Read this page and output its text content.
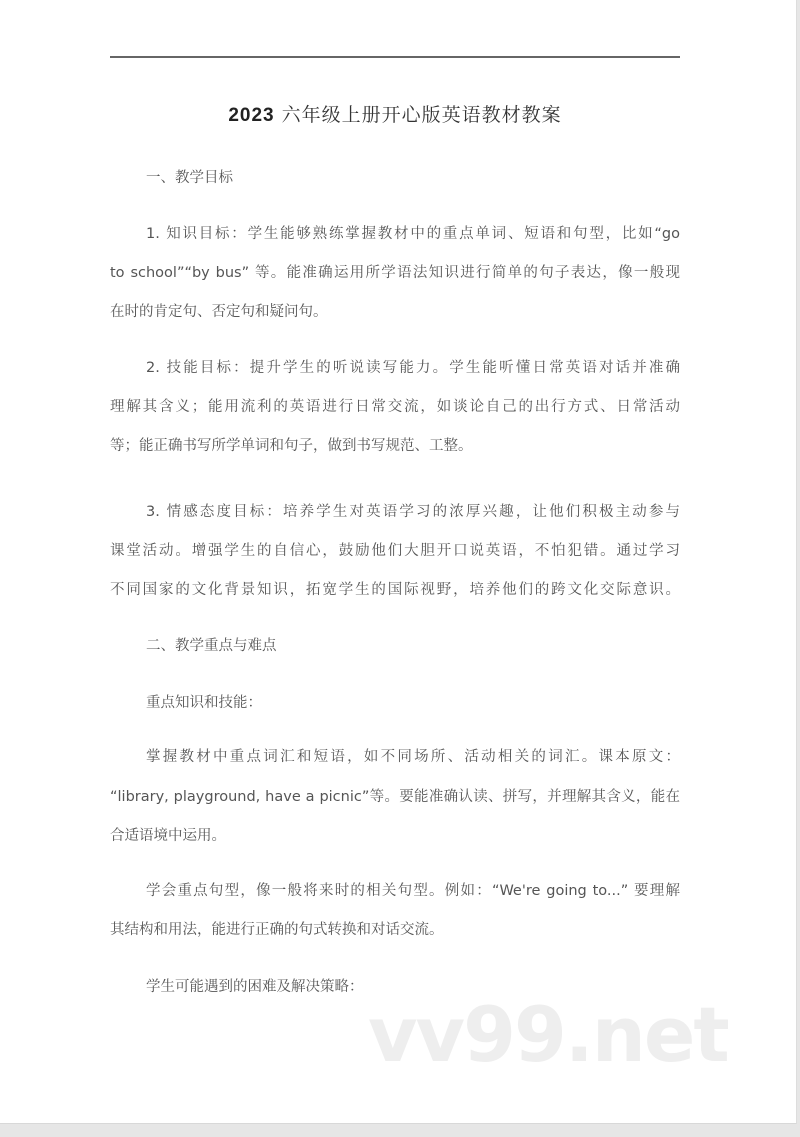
2023 六年级上册开心版英语教材教案
一、教学目标
1. 知识目标：学生能够熟练掌握教材中的重点单词、短语和句型，比如“go
to school”“by bus” 等。能准确运用所学语法知识进行简单的句子表达，像一般现
在时的肯定句、否定句和疑问句。
2. 技能目标：提升学生的听说读写能力。学生能听懂日常英语对话并准确
理解其含义；能用流利的英语进行日常交流，如谈论自己的出行方式、日常活动
等；能正确书写所学单词和句子，做到书写规范、工整。
3. 情感态度目标：培养学生对英语学习的浓厚兴趣，让他们积极主动参与
课堂活动。增强学生的自信心，鼓励他们大胆开口说英语，不怕犯错。通过学习
不同国家的文化背景知识，拓宽学生的国际视野，培养他们的跨文化交际意识。
二、教学重点与难点
重点知识和技能：
掌握教材中重点词汇和短语，如不同场所、活动相关的词汇。课本原文：
“library, playground, have a picnic”等。要能准确认读、拼写，并理解其含义，能在
合适语境中运用。
学会重点句型，像一般将来时的相关句型。例如：“We're going to...” 要理解
其结构和用法，能进行正确的句式转换和对话交流。
学生可能遇到的困难及解决策略：
vv99.net
